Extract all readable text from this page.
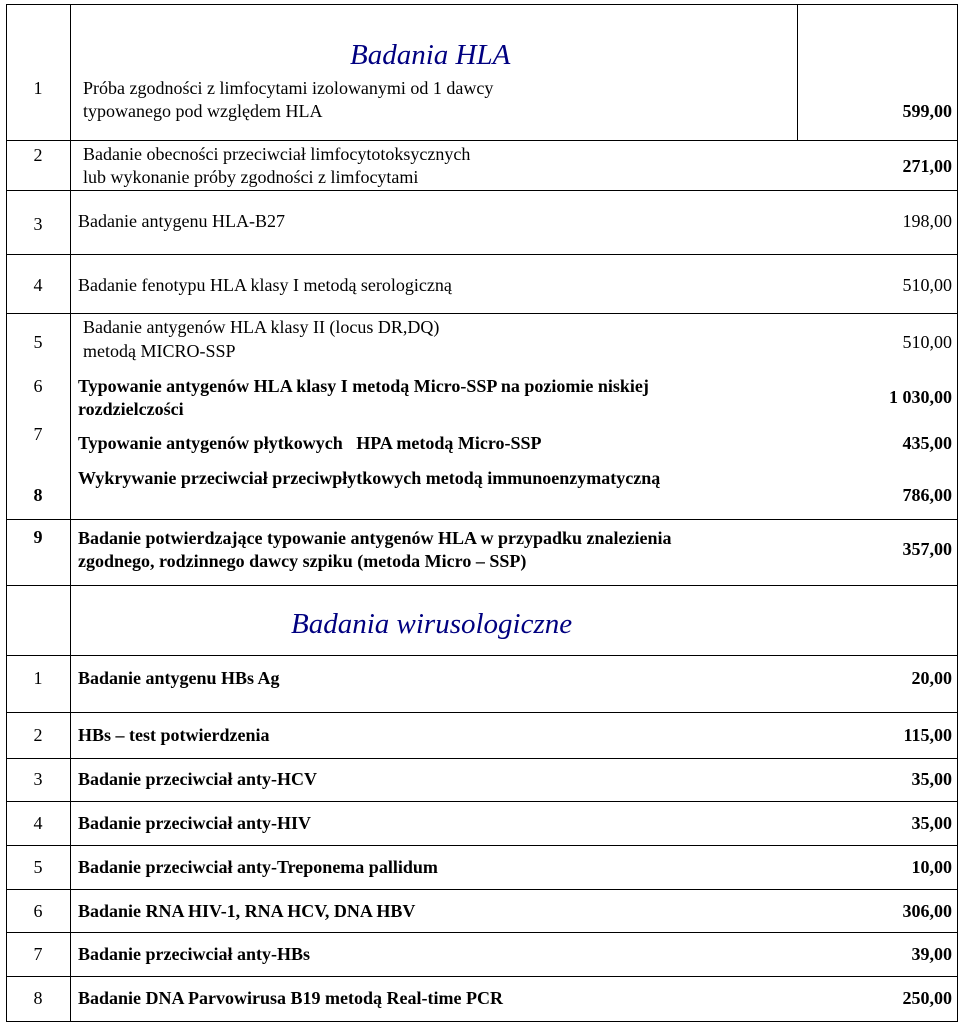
Badania HLA
1 Próba zgodności z limfocytami izolowanymi od 1 dawcy
typowanego pod względem HLA	599,00
2 Badanie obecności przeciwciał limfocytotoksycznych
lub wykonanie próby zgodności z limfocytami
271,00
3 Badanie antygenu HLA-B27	198,00
4 Badanie fenotypu HLA klasy I metodą serologiczną	510,00
5
Badanie antygenów HLA klasy II (locus DR,DQ)
metodą MICRO-SSP	510,00
6 Typowanie antygenów HLA klasy I metodą Micro-SSP na poziomie niskiej
rozdzielczości
1 030,00
7 Typowanie antygenów płytkowych   HPA metodą Micro-SSP	435,00
8
Wykrywanie przeciwciał przeciwpłytkowych metodą immunoenzymatyczną
786,00
9 Badanie potwierdzające typowanie antygenów HLA w przypadku znalezienia
zgodnego, rodzinnego dawcy szpiku (metoda Micro – SSP)
357,00
Badania wirusologiczne
1 Badanie antygenu HBs Ag	20,00
2 HBs – test potwierdzenia	115,00
3 Badanie przeciwciał anty-HCV	35,00
4 Badanie przeciwciał anty-HIV	35,00
5 Badanie przeciwciał anty-Treponema pallidum	10,00
6 Badanie RNA HIV-1, RNA HCV, DNA HBV	306,00
7 Badanie przeciwciał anty-HBs	39,00
8 Badanie DNA Parvowirusa B19 metodą Real-time PCR	250,00
